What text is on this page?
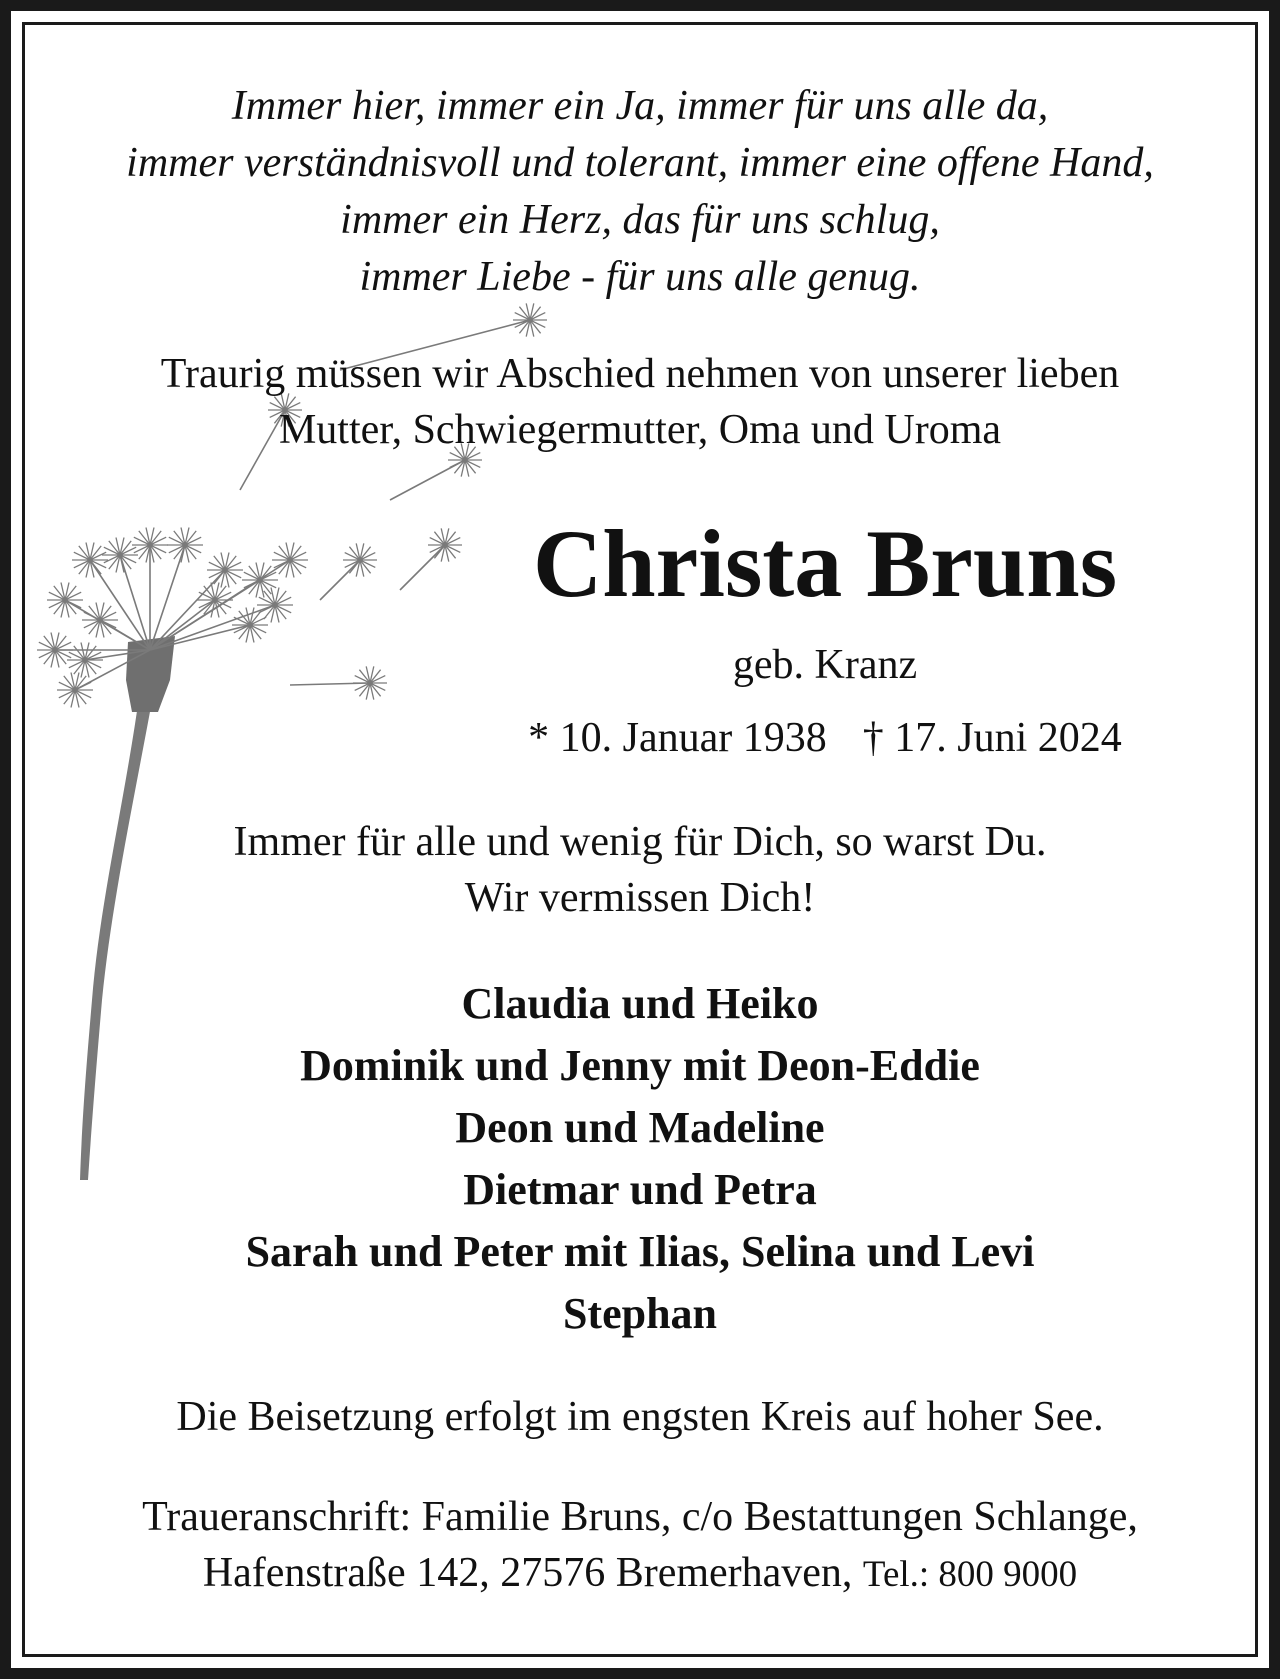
Immer hier, immer ein Ja, immer für uns alle da,
immer verständnisvoll und tolerant, immer eine offene Hand,
immer ein Herz, das für uns schlug,
immer Liebe - für uns alle genug.
Traurig müssen wir Abschied nehmen von unserer lieben
Mutter, Schwiegermutter, Oma und Uroma
Christa Bruns

geb. Kranz

* 10. Januar 1938 † 17. Juni 2024

Immer für alle und wenig für Dich, so warst Du.
Wir vermissen Dich!
Claudia und Heiko
Dominik und Jenny mit Deon-Eddie
Deon und Madeline
Dietmar und Petra
Sarah und Peter mit Ilias, Selina und Levi
Stephan

Die Beisetzung erfolgt im engsten Kreis auf hoher See.

Traueranschrift: Familie Bruns, c/o Bestattungen Schlange,
Hafenstraße 142, 27576 Bremerhaven, Tel.: 800 9000
